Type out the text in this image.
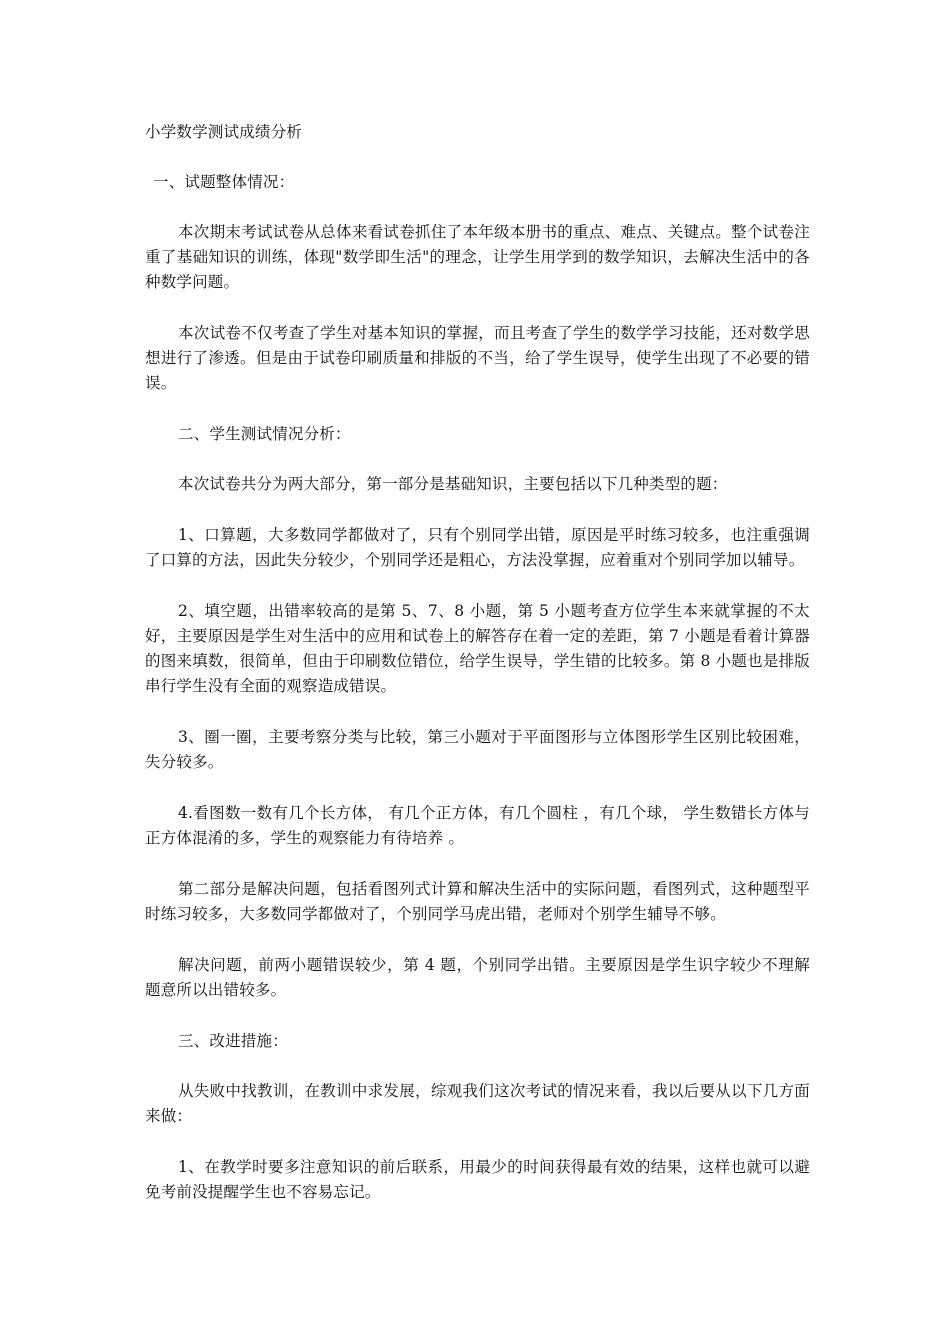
小学数学测试成绩分析

一、试题整体情况：

本次期末考试试卷从总体来看试卷抓住了本年级本册书的重点、难点、关键点。整个试卷注重了基础知识的训练，体现"数学即生活"的理念，让学生用学到的数学知识，去解决生活中的各种数学问题。

本次试卷不仅考查了学生对基本知识的掌握，而且考查了学生的数学学习技能，还对数学思想进行了渗透。但是由于试卷印刷质量和排版的不当，给了学生误导，使学生出现了不必要的错误。

二、学生测试情况分析：

本次试卷共分为两大部分，第一部分是基础知识，主要包括以下几种类型的题：

1、口算题，大多数同学都做对了，只有个别同学出错，原因是平时练习较多，也注重强调了口算的方法，因此失分较少，个别同学还是粗心，方法没掌握，应着重对个别同学加以辅导。

2、填空题，出错率较高的是第 5、7、8 小题，第 5 小题考查方位学生本来就掌握的不太好，主要原因是学生对生活中的应用和试卷上的解答存在着一定的差距，第 7 小题是看着计算器的图来填数，很简单，但由于印刷数位错位，给学生误导，学生错的比较多。第 8 小题也是排版串行学生没有全面的观察造成错误。

3、圈一圈，主要考察分类与比较，第三小题对于平面图形与立体图形学生区别比较困难，失分较多。

4.看图数一数有几个长方体， 有几个正方体，有几个圆柱 ，有几个球， 学生数错长方体与正方体混淆的多，学生的观察能力有待培养 。

第二部分是解决问题，包括看图列式计算和解决生活中的实际问题，看图列式，这种题型平时练习较多，大多数同学都做对了，个别同学马虎出错，老师对个别学生辅导不够。

解决问题，前两小题错误较少，第 4 题，个别同学出错。主要原因是学生识字较少不理解题意所以出错较多。

三、改进措施：

从失败中找教训，在教训中求发展，综观我们这次考试的情况来看，我以后要从以下几方面来做：

1、在教学时要多注意知识的前后联系，用最少的时间获得最有效的结果，这样也就可以避免考前没提醒学生也不容易忘记。
